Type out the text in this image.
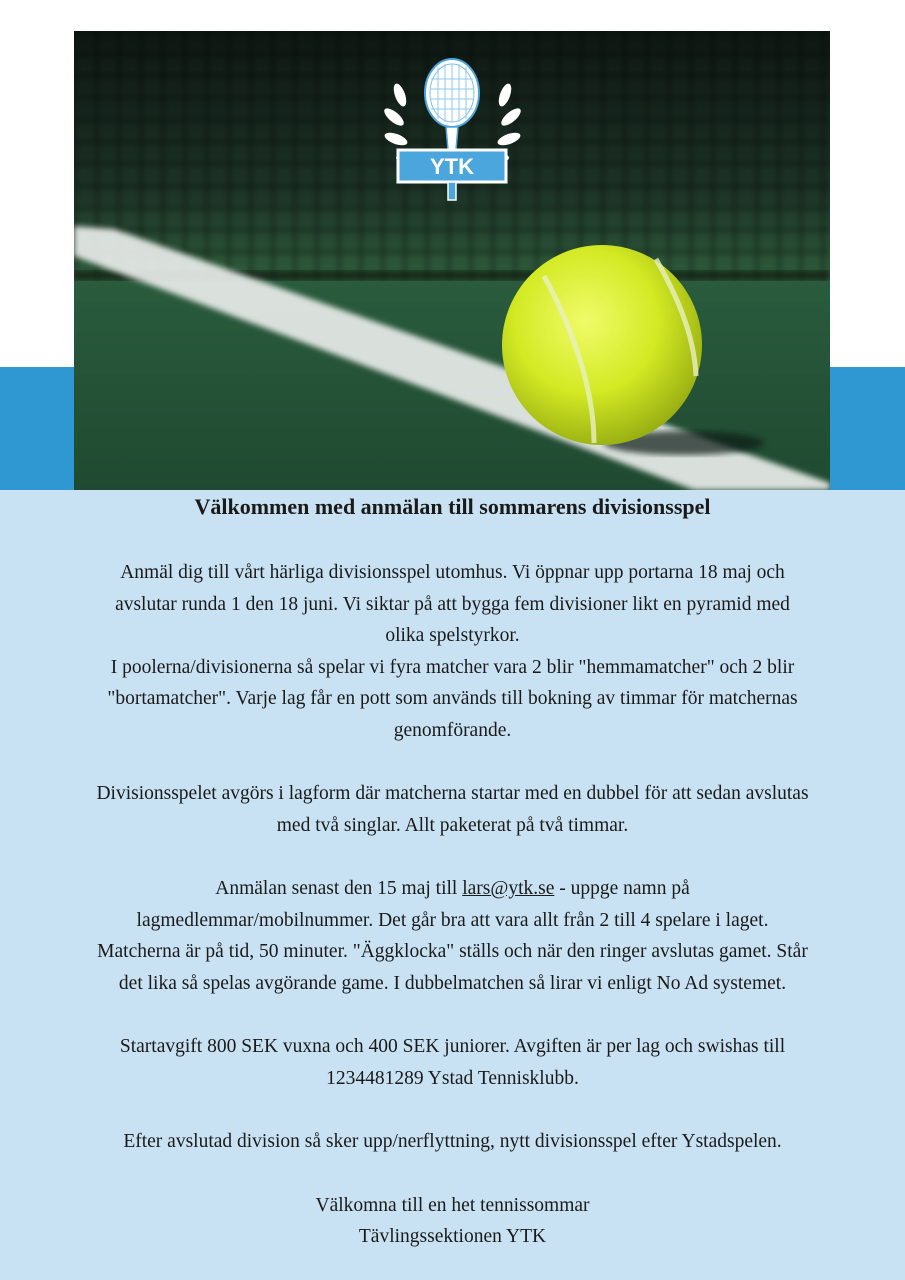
YTK
Välkommen med anmälan till sommarens divisionsspel

Anmäl dig till vårt härliga divisionsspel utomhus. Vi öppnar upp portarna 18 maj och

avslutar runda 1 den 18 juni. Vi siktar på att bygga fem divisioner likt en pyramid med

olika spelstyrkor.

I poolerna/divisionerna så spelar vi fyra matcher vara 2 blir "hemmamatcher" och 2 blir

"bortamatcher". Varje lag får en pott som används till bokning av timmar för matchernas

genomförande.

Divisionsspelet avgörs i lagform där matcherna startar med en dubbel för att sedan avslutas

med två singlar. Allt paketerat på två timmar.

Anmälan senast den 15 maj till lars@ytk.se - uppge namn på

lagmedlemmar/mobilnummer. Det går bra att vara allt från 2 till 4 spelare i laget.

Matcherna är på tid, 50 minuter. "Äggklocka" ställs och när den ringer avslutas gamet. Står

det lika så spelas avgörande game. I dubbelmatchen så lirar vi enligt No Ad systemet.

Startavgift 800 SEK vuxna och 400 SEK juniorer. Avgiften är per lag och swishas till

1234481289 Ystad Tennisklubb.

Efter avslutad division så sker upp/nerflyttning, nytt divisionsspel efter Ystadspelen.

Välkomna till en het tennissommar

Tävlingssektionen YTK
